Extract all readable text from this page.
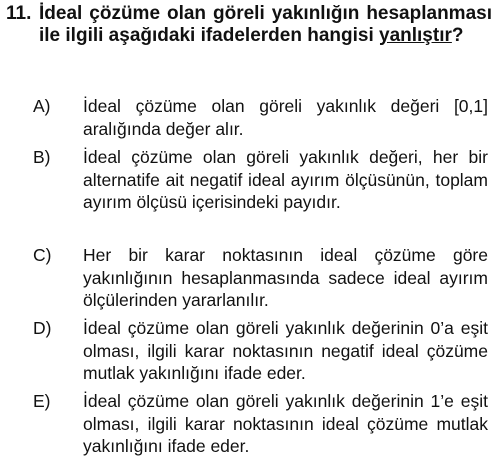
11. İdeal çözüme olan göreli yakınlığın hesaplanması ile ilgili aşağıdaki ifadelerden hangisi yanlıştır?
A) İdeal çözüme olan göreli yakınlık değeri [0,1] aralığında değer alır.
B) İdeal çözüme olan göreli yakınlık değeri, her bir alternatife ait negatif ideal ayırım ölçüsünün, toplam ayırım ölçüsü içerisindeki payıdır.
C) Her bir karar noktasının ideal çözüme göre yakınlığının hesaplanmasında sadece ideal ayırım ölçülerinden yararlanılır.
D) İdeal çözüme olan göreli yakınlık değerinin 0’a eşit olması, ilgili karar noktasının negatif ideal çözüme mutlak yakınlığını ifade eder.
E) İdeal çözüme olan göreli yakınlık değerinin 1’e eşit olması, ilgili karar noktasının ideal çözüme mutlak yakınlığını ifade eder.
